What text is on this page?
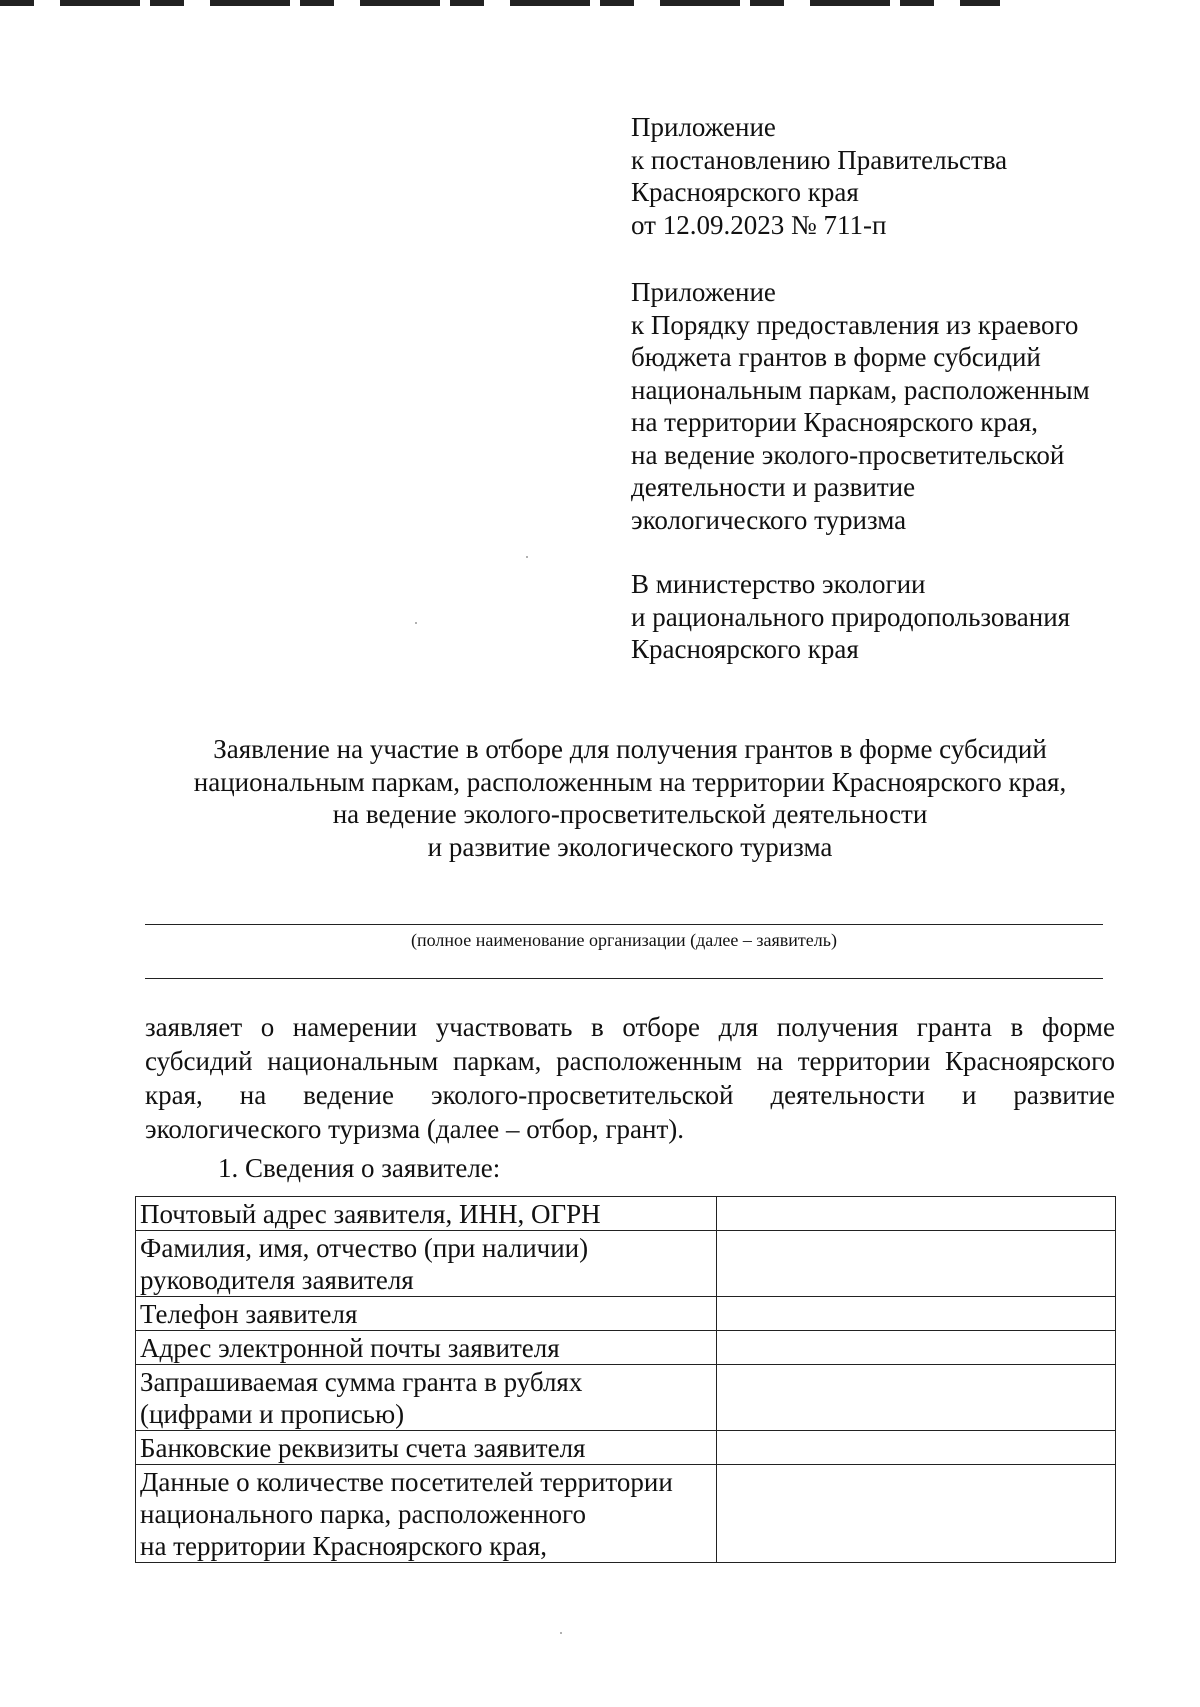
Приложение
к постановлению Правительства
Красноярского края
от 12.09.2023 № 711-п
Приложение
к Порядку предоставления из краевого
бюджета грантов в форме субсидий
национальным паркам, расположенным
на территории Красноярского края,
на ведение эколого-просветительской
деятельности и развитие
экологического туризма
В министерство экологии
и рационального природопользования
Красноярского края
Заявление на участие в отборе для получения грантов в форме субсидий
национальным паркам, расположенным на территории Красноярского края,
на ведение эколого-просветительской деятельности
и развитие экологического туризма
(полное наименование организации (далее – заявитель)
заявляет о намерении участвовать в отборе для получения гранта в форме
субсидий национальным паркам, расположенным на территории Красноярского
края, на ведение эколого-просветительской деятельности и развитие
экологического туризма (далее – отбор, грант).
1. Сведения о заявителе:
Почтовый адрес заявителя, ИНН, ОГРН	

Фамилия, имя, отчество (при наличии)
руководителя заявителя	

Телефон заявителя	

Адрес электронной почты заявителя	

Запрашиваемая сумма гранта в рублях
(цифрами и прописью)	

Банковские реквизиты счета заявителя	

Данные о количестве посетителей территории
национального парка, расположенного
на территории Красноярского края,	
